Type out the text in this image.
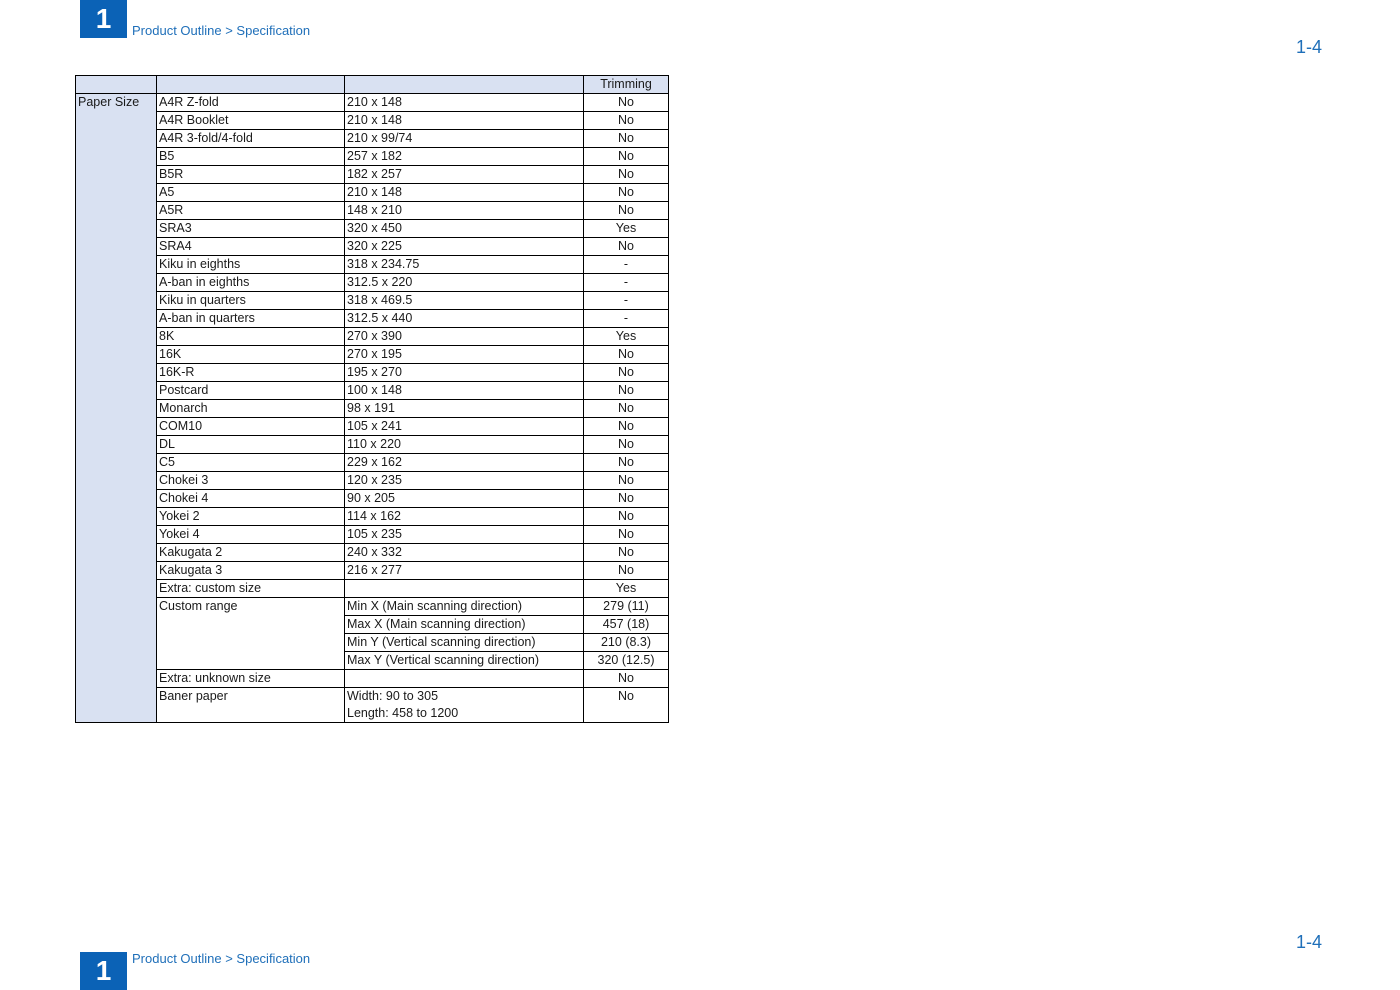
1	Product Outline > Specification
1-4
			Trimming
Paper Size	A4R Z-fold	210 x 148	No
	A4R Booklet	210 x 148	No
	A4R 3-fold/4-fold	210 x 99/74	No
	B5	257 x 182	No
	B5R	182 x 257	No
	A5	210 x 148	No
	A5R	148 x 210	No
	SRA3	320 x 450	Yes
	SRA4	320 x 225	No
	Kiku in eighths	318 x 234.75	-
	A-ban in eighths	312.5 x 220	-
	Kiku in quarters	318 x 469.5	-
	A-ban in quarters	312.5 x 440	-
	8K	270 x 390	Yes
	16K	270 x 195	No
	16K-R	195 x 270	No
	Postcard	100 x 148	No
	Monarch	98 x 191	No
	COM10	105 x 241	No
	DL	110 x 220	No
	C5	229 x 162	No
	Chokei 3	120 x 235	No
	Chokei 4	90 x 205	No
	Yokei 2	114 x 162	No
	Yokei 4	105 x 235	No
	Kakugata 2	240 x 332	No
	Kakugata 3	216 x 277	No
	Extra: custom size		Yes
	Custom range	Min X (Main scanning direction)	279 (11)
		Max X (Main scanning direction)	457 (18)
		Min Y (Vertical scanning direction)	210 (8.3)
		Max Y (Vertical scanning direction)	320 (12.5)
	Extra: unknown size		No
	Baner paper	Width: 90 to 305
Length: 458 to 1200	No
1	Product Outline > Specification
1-4
